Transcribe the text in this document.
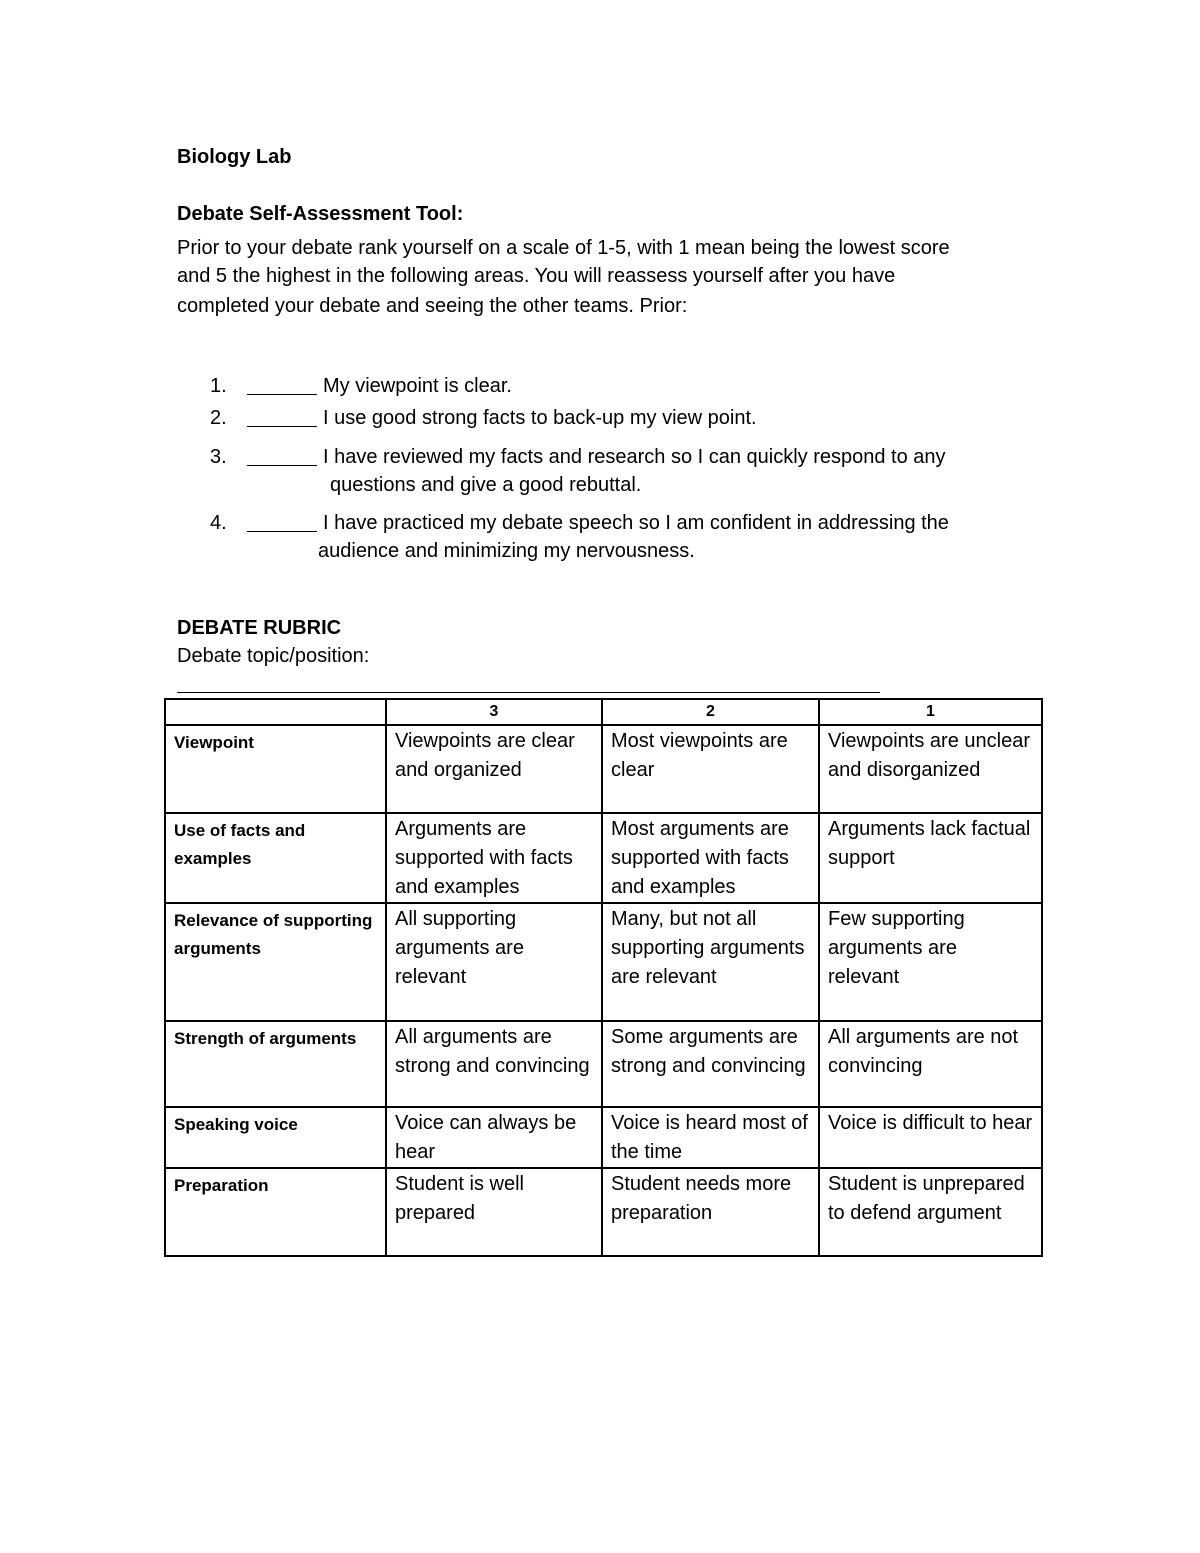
Biology Lab
Debate Self-Assessment Tool:
Prior to your debate rank yourself on a scale of 1-5, with 1 mean being the lowest score
and 5 the highest in the following areas. You will reassess yourself after you have
completed your debate and seeing the other teams. Prior:
1.	My viewpoint is clear.
2.	I use good strong facts to back-up my view point.
3.	I have reviewed my facts and research so I can quickly respond to any
questions and give a good rebuttal.
4.	I have practiced my debate speech so I am confident in addressing the
audience and minimizing my nervousness.
DEBATE RUBRIC
Debate topic/position:
	3	2	1
Viewpoint	Viewpoints are clear and organized	Most viewpoints are clear	Viewpoints are unclear and disorganized
Use of facts and examples	Arguments are supported with facts and examples	Most arguments are supported with facts and examples	Arguments lack factual support
Relevance of supporting arguments	All supporting arguments are relevant	Many, but not all supporting arguments are relevant	Few supporting arguments are relevant
Strength of arguments	All arguments are strong and convincing	Some arguments are strong and convincing	All arguments are not convincing
Speaking voice	Voice can always be hear	Voice is heard most of the time	Voice is difficult to hear
Preparation	Student is well prepared	Student needs more preparation	Student is unprepared to defend argument
